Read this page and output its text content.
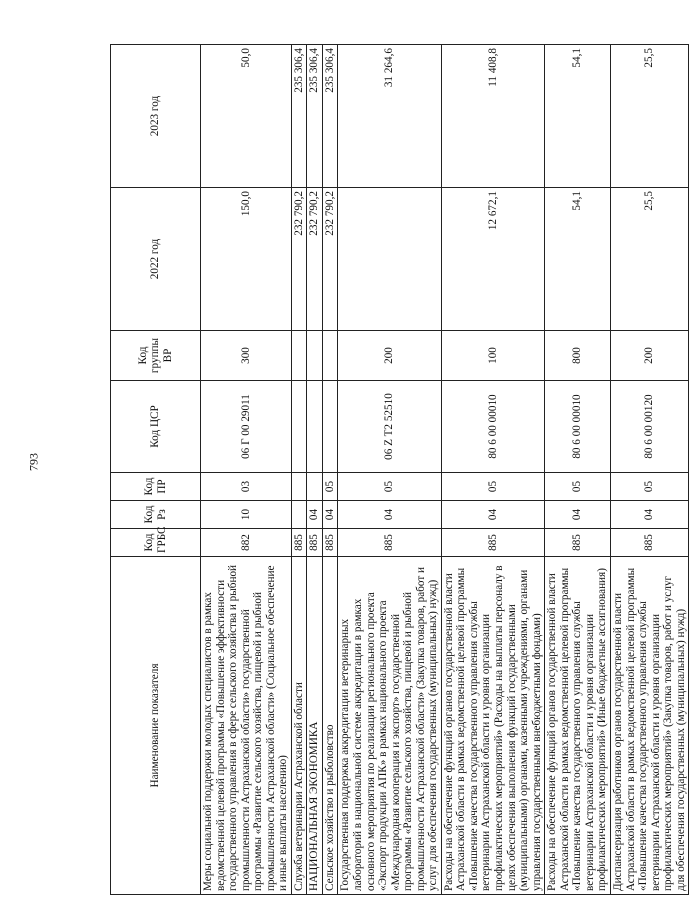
793
Наименование показателя	Код ГРБС	Код Рз	Код ПР	Код ЦСР	Код группы ВР	2022 год	2023 год
Меры социальной поддержки молодых специалистов в рамках ведомственной целевой программы «Повышение эффективности государственного управления в сфере сельского хозяйства и рыбной промышленности Астраханской области» государственной программы «Развитие сельского хозяйства, пищевой и рыбной промышленности Астраханской области» (Социальное обеспечение и иные выплаты населению)	882	10	03	06 Г 00 29011	300	150,0	50,0
Служба ветеринарии Астраханской области	885					232 790,2	235 306,4
НАЦИОНАЛЬНАЯ ЭКОНОМИКА	885	04				232 790,2	235 306,4
Сельское хозяйство и рыболовство	885	04	05			232 790,2	235 306,4
Государственная поддержка аккредитации ветеринарных лабораторий в национальной системе аккредитации в рамках основного мероприятия по реализации регионального проекта «Экспорт продукции АПК» в рамках национального проекта «Международная кооперация и экспорт» государственной программы «Развитие сельского хозяйства, пищевой и рыбной промышленности Астраханской области» (Закупка товаров, работ и услуг для обеспечения государственных (муниципальных) нужд)	885	04	05	06 Z T2 52510	200		31 264,6
Расходы на обеспечение функций органов государственной власти Астраханской области в рамках ведомственной целевой программы «Повышение качества государственного управления службы ветеринарии Астраханской области и уровня организации профилактических мероприятий» (Расходы на выплаты персоналу в целях обеспечения выполнения функций государственными (муниципальными) органами, казенными учреждениями, органами управления государственными внебюджетными фондами)	885	04	05	80 6 00 00010	100	12 672,1	11 408,8
Расходы на обеспечение функций органов государственной власти Астраханской области в рамках ведомственной целевой программы «Повышение качества государственного управления службы ветеринарии Астраханской области и уровня организации профилактических мероприятий» (Иные бюджетные ассигнования)	885	04	05	80 6 00 00010	800	54,1	54,1
Диспансеризация работников органов государственной власти Астраханской области в рамках ведомственной целевой программы «Повышение качества государственного управления службы ветеринарии Астраханской области и уровня организации профилактических мероприятий» (Закупка товаров, работ и услуг для обеспечения государственных (муниципальных) нужд)	885	04	05	80 6 00 00120	200	25,5	25,5
